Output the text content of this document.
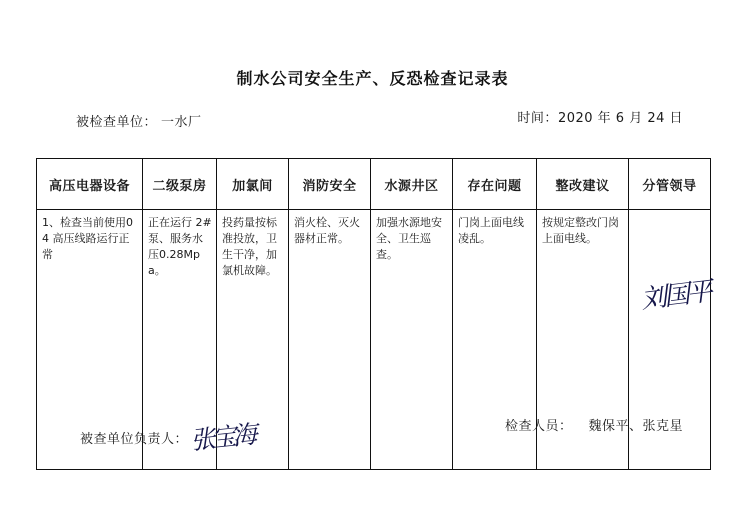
制水公司安全生产、反恐检查记录表
被检查单位： 一水厂	时间：2020 年 6 月 24 日
高压电器设备	二级泵房	加氯间	消防安全	水源井区	存在问题	整改建议	分管领导

1、检查当前使用04 高压线路运行正常	正在运行 2#泵、服务水压0.28Mpa。	投药量按标准投放，卫生干净，加氯机故障。	消火栓、灭火器材正常。	加强水源地安全、卫生巡查。	门岗上面电线凌乱。	按规定整改门岗上面电线。	刘国平
被查单位负责人：张宝海	检查人员： 魏保平、张克星
